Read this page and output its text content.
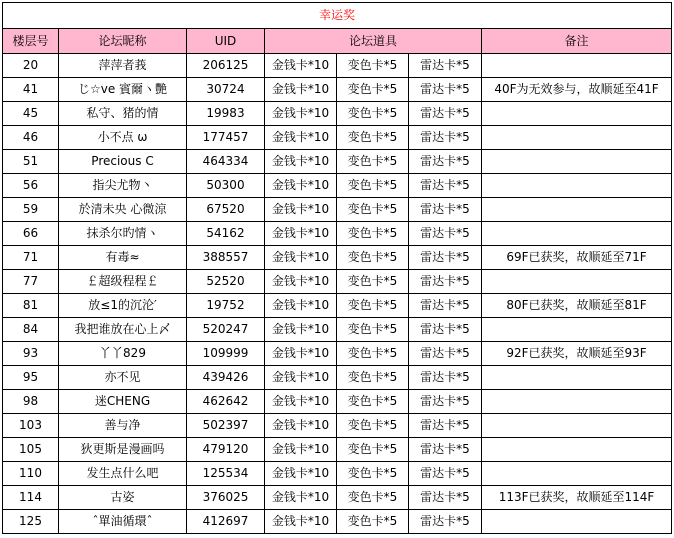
幸运奖						
楼层号	论坛昵称	UID	论坛道具			备注
20	萍萍者莪	206125	金钱卡*10	变色卡*5	雷达卡*5	
41	じ☆ve 賓爾ヽ艷	30724	金钱卡*10	变色卡*5	雷达卡*5	40F为无效参与，故顺延至41F
45	私守、猪的情	19983	金钱卡*10	变色卡*5	雷达卡*5	
46	小不点 ω	177457	金钱卡*10	变色卡*5	雷达卡*5	
51	Precious C	464334	金钱卡*10	变色卡*5	雷达卡*5	
56	指尖尤物丶	50300	金钱卡*10	变色卡*5	雷达卡*5	
59	於清未央 心微涼	67520	金钱卡*10	变色卡*5	雷达卡*5	
66	抹杀尔旳情ヽ	54162	金钱卡*10	变色卡*5	雷达卡*5	
71	有毒≈	388557	金钱卡*10	变色卡*5	雷达卡*5	69F已获奖，故顺延至71F
77	￡超级程程￡	52520	金钱卡*10	变色卡*5	雷达卡*5	
81	放≤1的沉沦′	19752	金钱卡*10	变色卡*5	雷达卡*5	80F已获奖，故顺延至81F
84	我把谁放在心上〆	520247	金钱卡*10	变色卡*5	雷达卡*5	
93	丫丫829	109999	金钱卡*10	变色卡*5	雷达卡*5	92F已获奖，故顺延至93F
95	亦不见	439426	金钱卡*10	变色卡*5	雷达卡*5	
98	迷CHENG	462642	金钱卡*10	变色卡*5	雷达卡*5	
103	善与净	502397	金钱卡*10	变色卡*5	雷达卡*5	
105	狄更斯是漫画吗	479120	金钱卡*10	变色卡*5	雷达卡*5	
110	发生点什么吧	125534	金钱卡*10	变色卡*5	雷达卡*5	
114	古姿	376025	金钱卡*10	变色卡*5	雷达卡*5	113F已获奖，故顺延至114F
125	ˆ單油循環ˆ	412697	金钱卡*10	变色卡*5	雷达卡*5	
